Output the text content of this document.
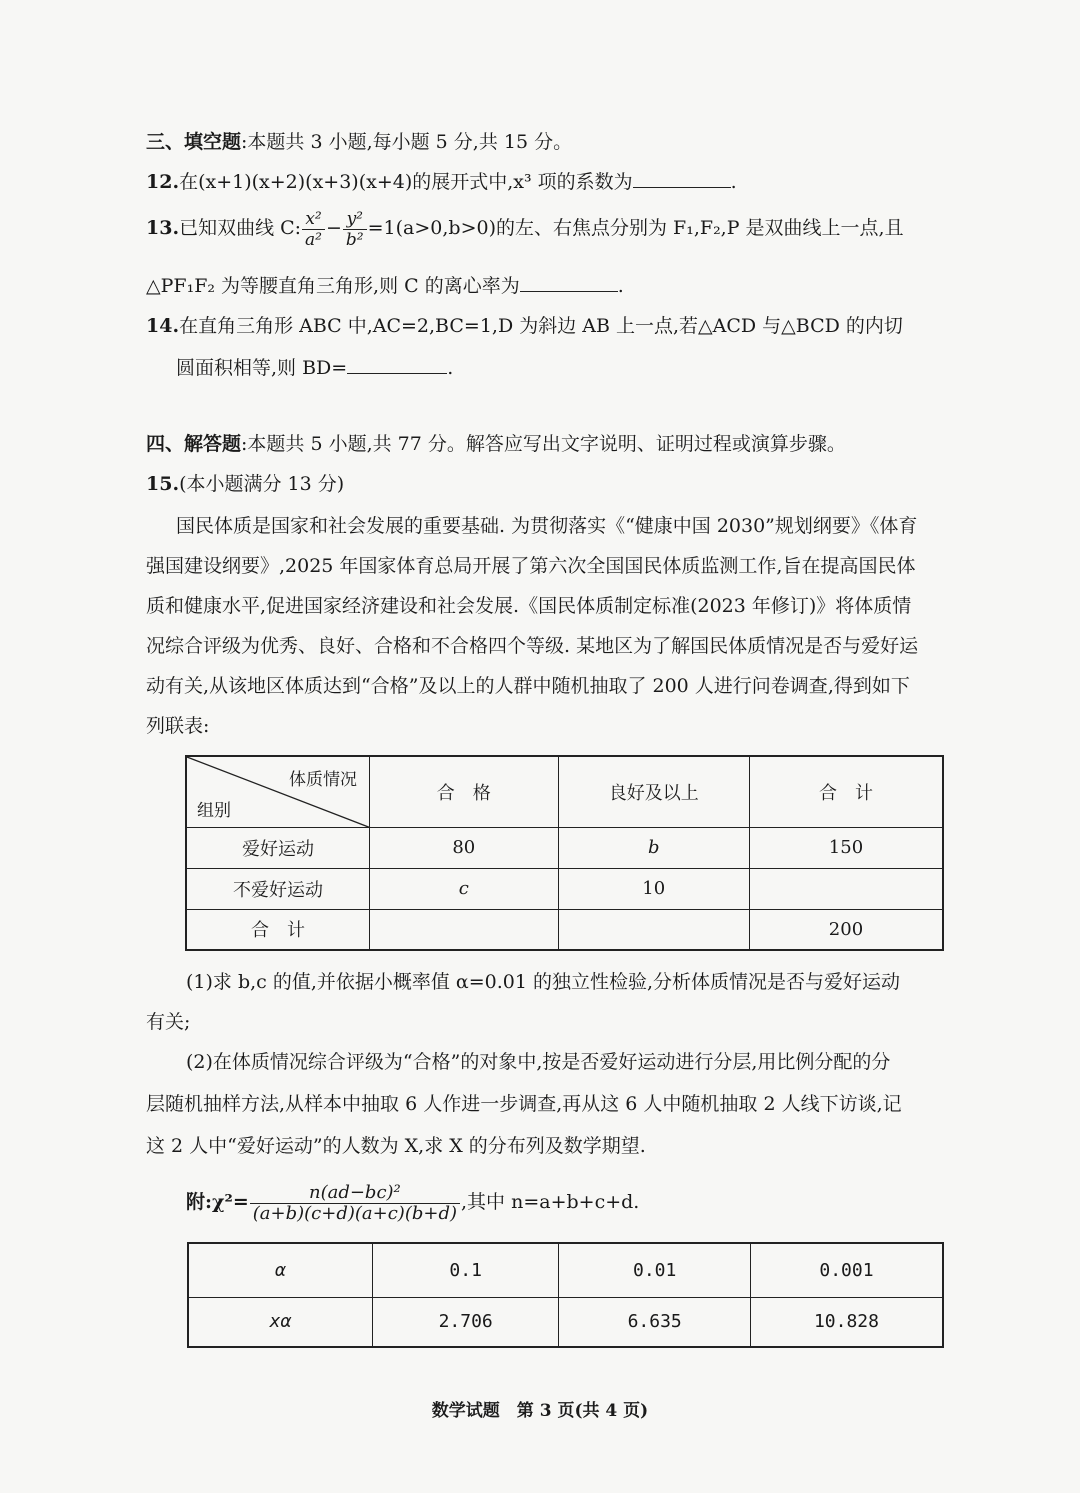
三、填空题:本题共 3 小题,每小题 5 分,共 15 分。
12.在(x+1)(x+2)(x+3)(x+4)的展开式中,x³ 项的系数为	.
13.已知双曲线 C: $\frac{\text{x²}}{\text{a²}} - \frac{\text{y²}}{\text{b²}} =1(a>0,b>0)$的左、右焦点分别为 F₁,F₂,P 是双曲线上一点,且
△PF₁F₂ 为等腰直角三角形,则 C 的离心率为	.
14.在直角三角形 ABC 中,AC=2,BC=1,D 为斜边 AB 上一点,若△ACD 与△BCD 的内切
圆面积相等,则 BD=	.
四、解答题:本题共 5 小题,共 77 分。解答应写出文字说明、证明过程或演算步骤。
15.(本小题满分 13 分)
国民体质是国家和社会发展的重要基础. 为贯彻落实《“健康中国 2030”规划纲要》《体育
强国建设纲要》,2025 年国家体育总局开展了第六次全国国民体质监测工作,旨在提高国民体
质和健康水平,促进国家经济建设和社会发展.《国民体质制定标准(2023 年修订)》将体质情
况综合评级为优秀、良好、合格和不合格四个等级. 某地区为了解国民体质情况是否与爱好运
动有关,从该地区体质达到“合格”及以上的人群中随机抽取了 200 人进行问卷调查,得到如下
列联表:
体质情况
组别	合　格	良好及以上	合　计
爱好运动	80	b	150
不爱好运动	c	10	
合　计			200
(1)求 b,c 的值,并依据小概率值 α=0.01 的独立性检验,分析体质情况是否与爱好运动
有关;
(2)在体质情况综合评级为“合格”的对象中,按是否爱好运动进行分层,用比例分配的分
层随机抽样方法,从样本中抽取 6 人作进一步调查,再从这 6 人中随机抽取 2 人线下访谈,记
这 2 人中“爱好运动”的人数为 X,求 X 的分布列及数学期望.
附:χ²= $\frac{\text{n(ad−bc)²}}{(a+b)(c+d)(a+c)(b+d)}$ ,其中 n=a+b+c+d.
α	0.1	0.01	0.001
xα	2.706	6.635	10.828
数学试题　第 3 页(共 4 页)
